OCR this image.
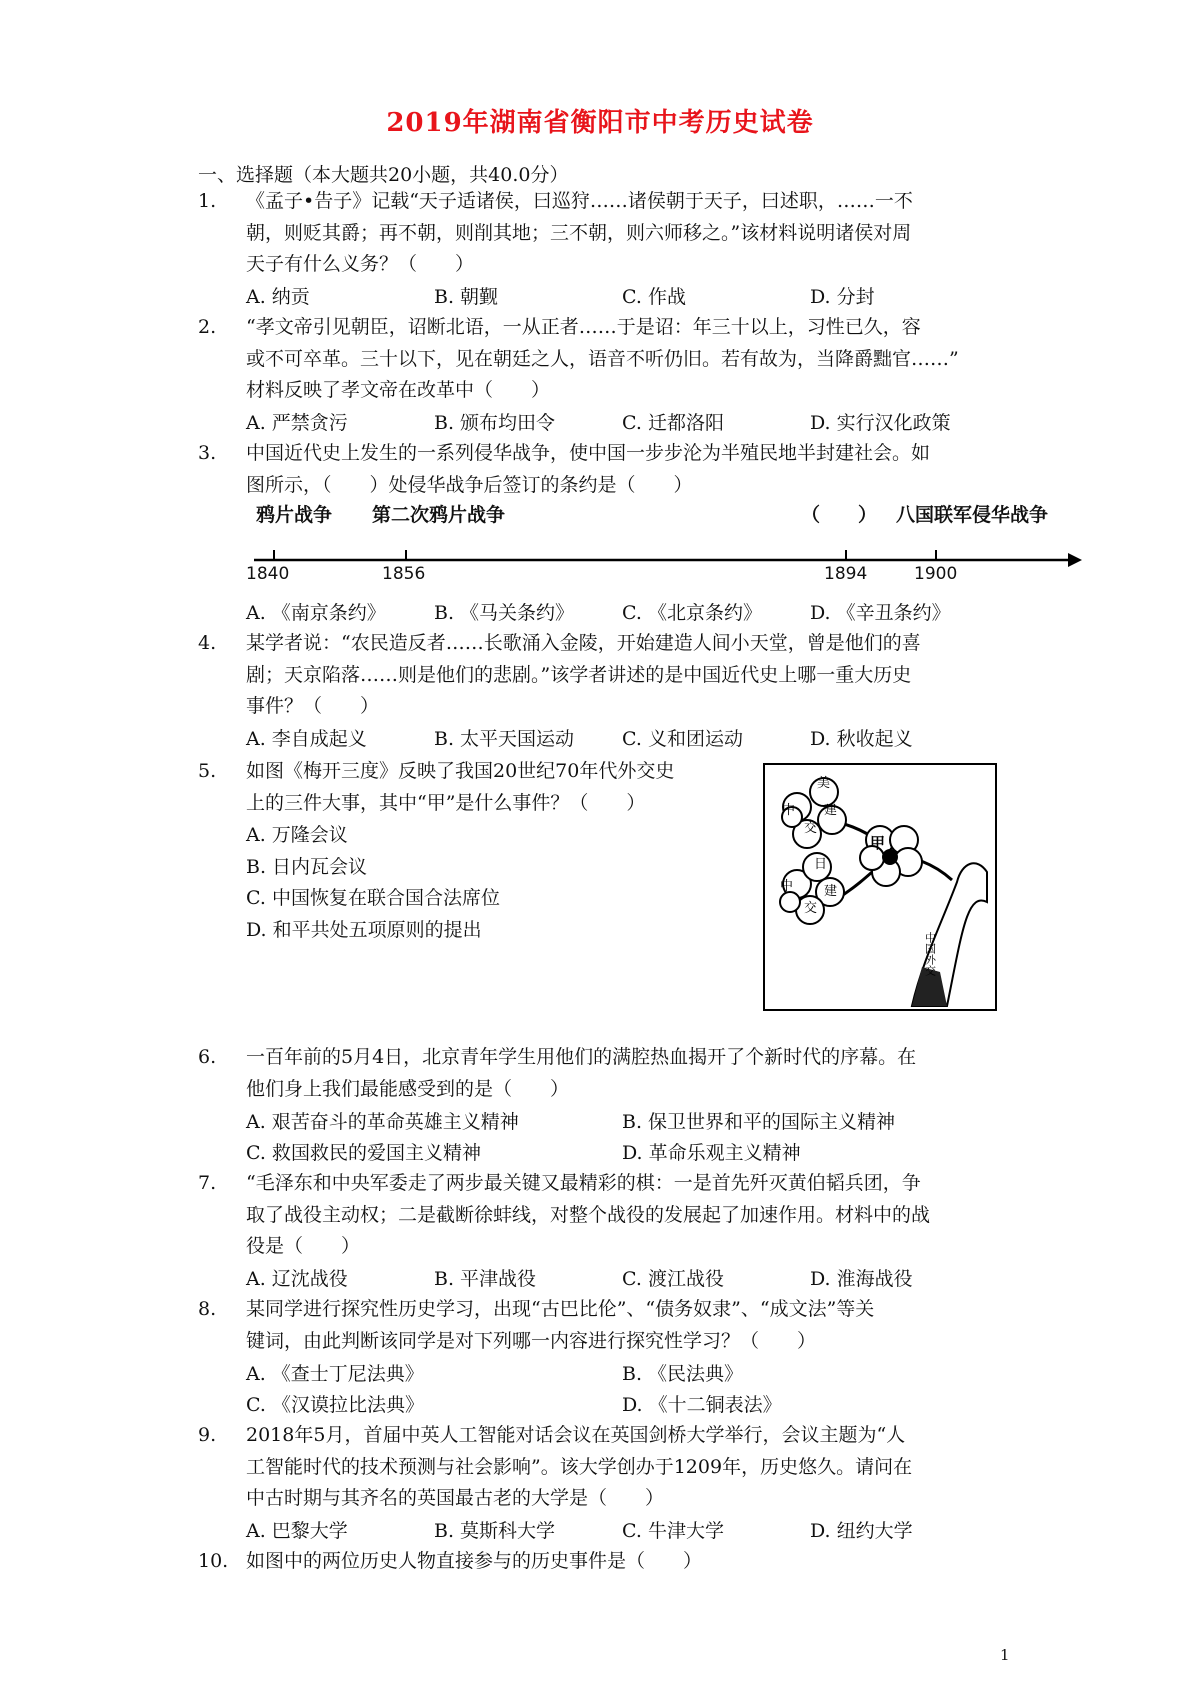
2019年湖南省衡阳市中考历史试卷
一、选择题（本大题共20小题，共40.0分）
1. 《孟子•告子》记载“天子适诸侯，曰巡狩……诸侯朝于天子，曰述职，……一不
朝，则贬其爵；再不朝，则削其地；三不朝，则六师移之。”该材料说明诸侯对周
天子有什么义务？（　　）
A. 纳贡	B. 朝觐	C. 作战	D. 分封
2. “孝文帝引见朝臣，诏断北语，一从正者……于是诏：年三十以上，习性已久，容
或不可卒革。三十以下，见在朝廷之人，语音不听仍旧。若有故为，当降爵黜官……”
材料反映了孝文帝在改革中（　　）
A. 严禁贪污	B. 颁布均田令	C. 迁都洛阳	D. 实行汉化政策
3. 中国近代史上发生的一系列侵华战争，使中国一步步沦为半殖民地半封建社会。如
图所示，（　　）处侵华战争后签订的条约是（　　）
鸦片战争 第二次鸦片战争	（　　） 八国联军侵华战争
1840	1856	1894	1900
A. 《南京条约》	B. 《马关条约》	C. 《北京条约》	D. 《辛丑条约》
4. 某学者说：“农民造反者……长歌涌入金陵，开始建造人间小天堂，曾是他们的喜
剧；天京陷落……则是他们的悲剧。”该学者讲述的是中国近代史上哪一重大历史
事件？（　　）
A. 李自成起义	B. 太平天国运动	C. 义和团运动	D. 秋收起义
5. 如图《梅开三度》反映了我国20世纪70年代外交史
上的三件大事，其中“甲”是什么事件？（　　）
A. 万隆会议
B. 日内瓦会议
C. 中国恢复在联合国合法席位
D. 和平共处五项原则的提出
美
中 建
交
甲
日
中 建
交
中国外交
6. 一百年前的5月4日，北京青年学生用他们的满腔热血揭开了个新时代的序幕。在
他们身上我们最能感受到的是（　　）
A. 艰苦奋斗的革命英雄主义精神	B. 保卫世界和平的国际主义精神
C. 救国救民的爱国主义精神	D. 革命乐观主义精神
7. “毛泽东和中央军委走了两步最关键又最精彩的棋：一是首先歼灭黄伯韬兵团，争
取了战役主动权；二是截断徐蚌线，对整个战役的发展起了加速作用。材料中的战
役是（　　）
A. 辽沈战役	B. 平津战役	C. 渡江战役	D. 淮海战役
8. 某同学进行探究性历史学习，出现“古巴比伦”、“债务奴隶”、“成文法”等关
键词，由此判断该同学是对下列哪一内容进行探究性学习？（　　）
A. 《查士丁尼法典》	B. 《民法典》
C. 《汉谟拉比法典》	D. 《十二铜表法》
9. 2018年5月，首届中英人工智能对话会议在英国剑桥大学举行，会议主题为“人
工智能时代的技术预测与社会影响”。该大学创办于1209年，历史悠久。请问在
中古时期与其齐名的英国最古老的大学是（　　）
A. 巴黎大学	B. 莫斯科大学	C. 牛津大学	D. 纽约大学
10. 如图中的两位历史人物直接参与的历史事件是（　　）
1
